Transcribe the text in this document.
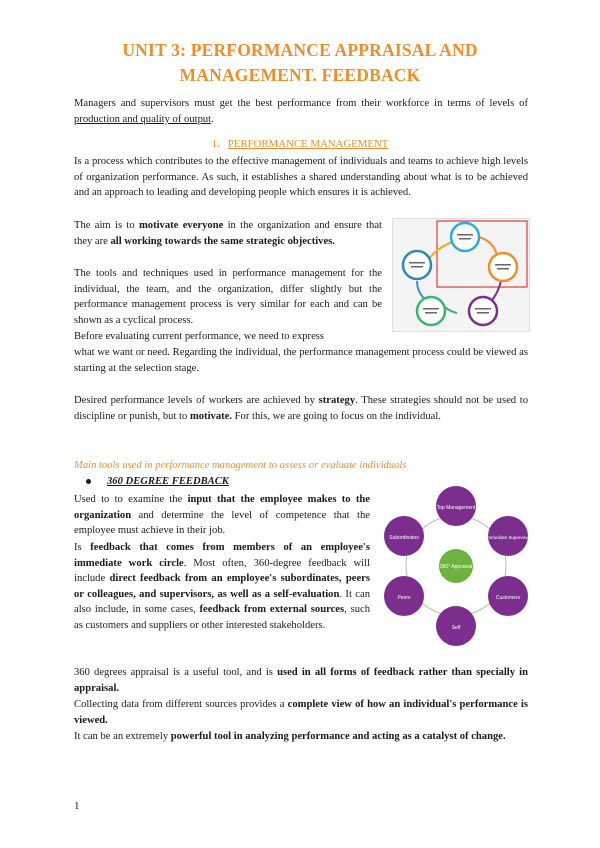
UNIT 3: PERFORMANCE APPRAISAL AND
MANAGEMENT. FEEDBACK

Managers and supervisors must get the best performance from their workforce in terms of levels of production and quality of output.

1. PERFORMANCE MANAGEMENT

Is a process which contributes to the effective management of individuals and teams to achieve high levels of organization performance. As such, it establishes a shared understanding about what is to be achieved and an approach to leading and developing people which ensures it is achieved.

The aim is to motivate everyone in the organization and ensure that they are all working towards the same strategic objectives.

The tools and techniques used in performance management for the individual, the team, and the organization, differ slightly but the performance management process is very similar for each and can be shown as a cyclical process.

Before evaluating current performance, we need to express

what we want or need. Regarding the individual, the performance management process could be viewed as starting at the selection stage.

Desired performance levels of workers are achieved by strategy. These strategies should not be used to discipline or punish, but to motivate. For this, we are going to focus on the individual.

Main tools used in performance management to assess or evaluate individuals
360 DEGREE FEEDBACK

Used to to examine the input that the employee makes to the organization and determine the level of competence that the employee must achieve in their job.

Is feedback that comes from members of an employee's immediate work circle. Most often, 360-degree feedback will include direct feedback from an employee's subordinates, peers or colleagues, and supervisors, as well as a self-evaluation. It can also include, in some cases, feedback from external sources, such as customers and suppliers or other interested stakeholders.

Top Management
Immediate Supervisor
Customers
Self
Peers
Subordinates
360° Appraisal

360 degrees appraisal is a useful tool, and is used in all forms of feedback rather than specially in appraisal.

Collecting data from different sources provides a complete view of how an individual's performance is viewed.

It can be an extremely powerful tool in analyzing performance and acting as a catalyst of change.

1
